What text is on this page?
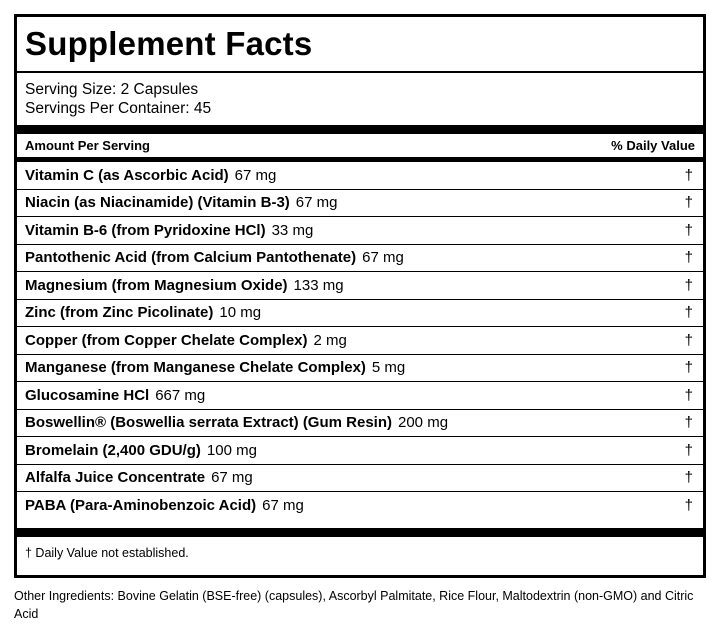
Supplement Facts
Serving Size: 2 Capsules
Servings Per Container: 45
Amount Per Serving	% Daily Value
Vitamin C (as Ascorbic Acid) 67 mg	†
Niacin (as Niacinamide) (Vitamin B-3) 67 mg	†
Vitamin B-6 (from Pyridoxine HCl) 33 mg	†
Pantothenic Acid (from Calcium Pantothenate) 67 mg	†
Magnesium (from Magnesium Oxide) 133 mg	†
Zinc (from Zinc Picolinate) 10 mg	†
Copper (from Copper Chelate Complex) 2 mg	†
Manganese (from Manganese Chelate Complex) 5 mg	†
Glucosamine HCl 667 mg	†
Boswellin® (Boswellia serrata Extract) (Gum Resin) 200 mg	†
Bromelain (2,400 GDU/g) 100 mg	†
Alfalfa Juice Concentrate 67 mg	†
PABA (Para-Aminobenzoic Acid) 67 mg	†
† Daily Value not established.
Other Ingredients: Bovine Gelatin (BSE-free) (capsules), Ascorbyl Palmitate, Rice Flour, Maltodextrin (non-GMO) and Citric Acid
